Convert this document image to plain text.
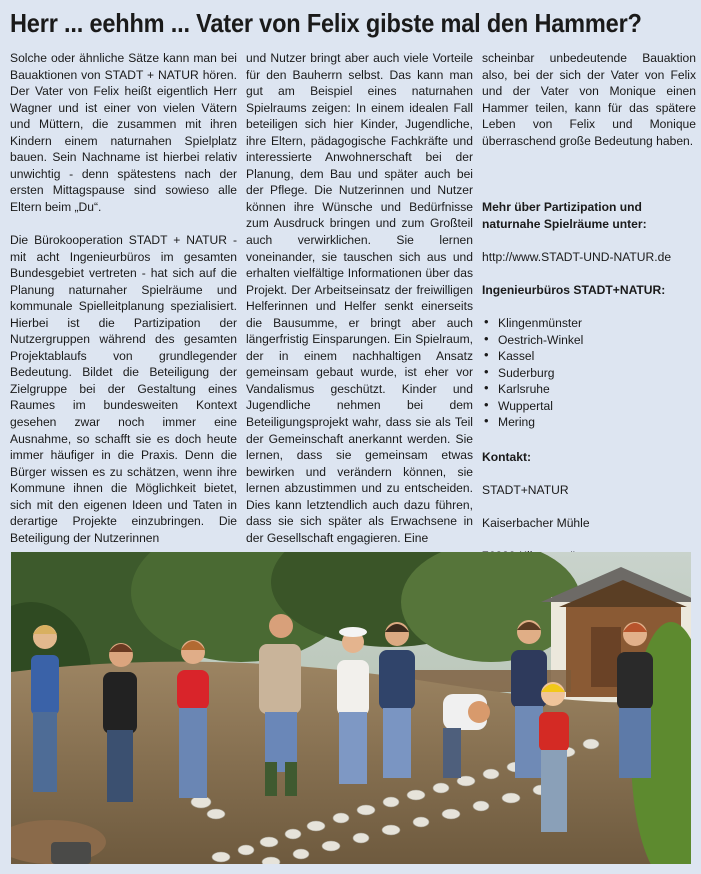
Herr ... eehhm ... Vater von Felix gibste mal den Hammer?

Solche oder ähnliche Sätze kann man bei Bauaktionen von STADT + NATUR hören. Der Vater von Felix heißt eigentlich Herr Wagner und ist einer von vielen Vätern und Müttern, die zusammen mit ihren Kindern einem naturnahen Spielplatz bauen. Sein Nachname ist hierbei relativ unwichtig - denn spätestens nach der ersten Mittagspause sind sowieso alle Eltern beim „Du“.

Die Bürokooperation STADT + NATUR - mit acht Ingenieurbüros im gesamten Bundesgebiet vertreten - hat sich auf die Planung naturnaher Spielräume und kommunale Spielleitplanung spezialisiert. Hierbei ist die Partizipation der Nutzergruppen während des gesamten Projektablaufs von grundlegender Bedeutung. Bildet die Beteiligung der Zielgruppe bei der Gestaltung eines Raumes im bundesweiten Kontext gesehen zwar noch immer eine Ausnahme, so schafft sie es doch heute immer häufiger in die Praxis. Denn die Bürger wissen es zu schätzen, wenn ihre Kommune ihnen die Möglichkeit bietet, sich mit den eigenen Ideen und Taten in derartige Projekte einzubringen. Die Beteiligung der Nutzerinnen

und Nutzer bringt aber auch viele Vorteile für den Bauherrn selbst. Das kann man gut am Beispiel eines naturnahen Spielraums zeigen: In einem idealen Fall beteiligen sich hier Kinder, Jugendliche, ihre Eltern, pädagogische Fachkräfte und interessierte Anwohnerschaft bei der Planung, dem Bau und später auch bei der Pflege. Die Nutzerinnen und Nutzer können ihre Wünsche und Bedürfnisse zum Ausdruck bringen und zum Großteil auch verwirklichen. Sie lernen voneinander, sie tauschen sich aus und erhalten vielfältige Informationen über das Projekt. Der Arbeitseinsatz der freiwilligen Helferinnen und Helfer senkt einerseits die Bausumme, er bringt aber auch längerfristig Einsparungen. Ein Spielraum, der in einem nachhaltigen Ansatz gemeinsam gebaut wurde, ist eher vor Vandalismus geschützt. Kinder und Jugendliche nehmen bei dem Beteiligungsprojekt wahr, dass sie als Teil der Gemeinschaft anerkannt werden. Sie lernen, dass sie gemeinsam etwas bewirken und verändern können, sie lernen abzustimmen und zu entscheiden. Dies kann letztendlich auch dazu führen, dass sie sich später als Erwachsene in der Gesellschaft engagieren. Eine

scheinbar unbedeutende Bauaktion also, bei der sich der Vater von Felix und der Vater von Monique einen Hammer teilen, kann für das spätere Leben von Felix und Monique überraschend große Bedeutung haben.

Mehr über Partizipation und naturnahe Spielräume unter:

http://www.STADT-UND-NATUR.de

Ingenieurbüros STADT+NATUR:

• Klingenmünster
• Oestrich-Winkel
• Kassel
• Suderburg
• Karlsruhe
• Wuppertal
• Mering

Kontakt:

STADT+NATUR

Kaiserbacher Mühle
